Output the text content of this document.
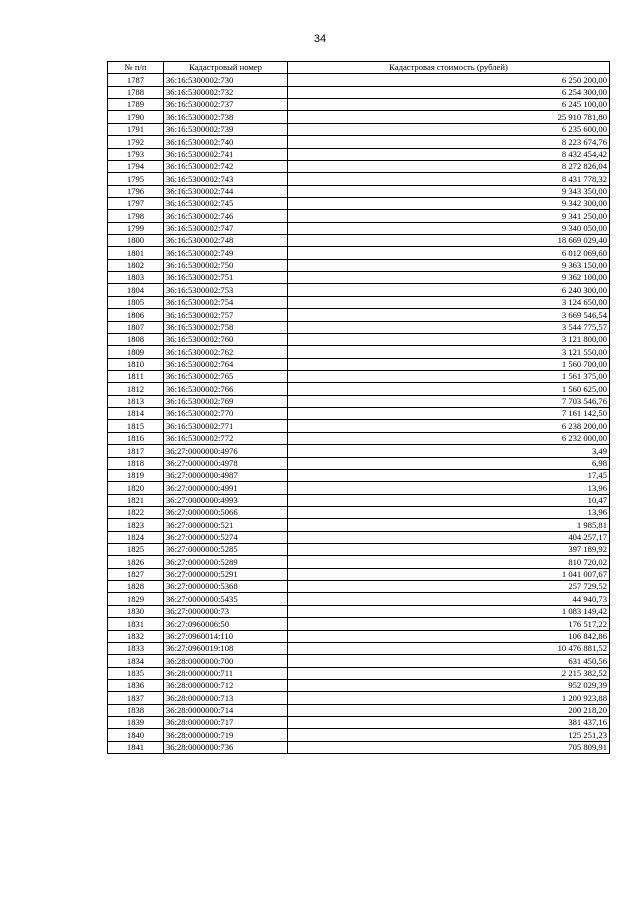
34
№ п/п	Кадастровый номер	Кадастровая стоимость (рублей)
1787	36:16:5300002:730	6 250 200,00
1788	36:16:5300002:732	6 254 300,00
1789	36:16:5300002:737	6 245 100,00
1790	36:16:5300002:738	25 910 781,80
1791	36:16:5300002:739	6 235 600,00
1792	36:16:5300002:740	8 223 674,76
1793	36:16:5300002:741	8 432 454,42
1794	36:16:5300002:742	8 272 826,04
1795	36:16:5300002:743	8 431 778,32
1796	36:16:5300002:744	9 343 350,00
1797	36:16:5300002:745	9 342 300,00
1798	36:16:5300002:746	9 341 250,00
1799	36:16:5300002:747	9 340 050,00
1800	36:16:5300002:748	18 669 029,40
1801	36:16:5300002:749	6 012 069,60
1802	36:16:5300002:750	9 363 150,00
1803	36:16:5300002:751	9 362 100,00
1804	36:16:5300002:753	6 240 300,00
1805	36:16:5300002:754	3 124 650,00
1806	36:16:5300002:757	3 669 546,54
1807	36:16:5300002:758	3 544 775,57
1808	36:16:5300002:760	3 121 800,00
1809	36:16:5300002:762	3 121 550,00
1810	36:16:5300002:764	1 560 700,00
1811	36:16:5300002:765	1 561 375,00
1812	36:16:5300002:766	1 560 625,00
1813	36:16:5300002:769	7 703 546,76
1814	36:16:5300002:770	7 161 142,50
1815	36:16:5300002:771	6 238 200,00
1816	36:16:5300002:772	6 232 000,00
1817	36:27:0000000:4976	3,49
1818	36:27:0000000:4978	6,98
1819	36:27:0000000:4987	17,45
1820	36:27:0000000:4991	13,96
1821	36:27:0000000:4993	10,47
1822	36:27:0000000:5066	13,96
1823	36:27:0000000:521	1 985,81
1824	36:27:0000000:5274	404 257,17
1825	36:27:0000000:5285	397 189,92
1826	36:27:0000000:5289	810 720,02
1827	36:27:0000000:5291	1 041 007,67
1828	36:27:0000000:5368	257 729,52
1829	36:27:0000000:5435	44 940,73
1830	36:27:0000000:73	1 083 149,42
1831	36:27:0960006:50	176 517,22
1832	36:27:0960014:110	106 842,86
1833	36:27:0960019:108	10 476 881,52
1834	36:28:0000000:700	631 450,56
1835	36:28:0000000:711	2 215 382,52
1836	36:28:0000000:712	952 029,39
1837	36:28:0000000:713	1 200 923,88
1838	36:28:0000000:714	200 218,20
1839	36:28:0000000:717	381 437,16
1840	36:28:0000000:719	125 251,23
1841	36:28:0000000:736	705 809,91
